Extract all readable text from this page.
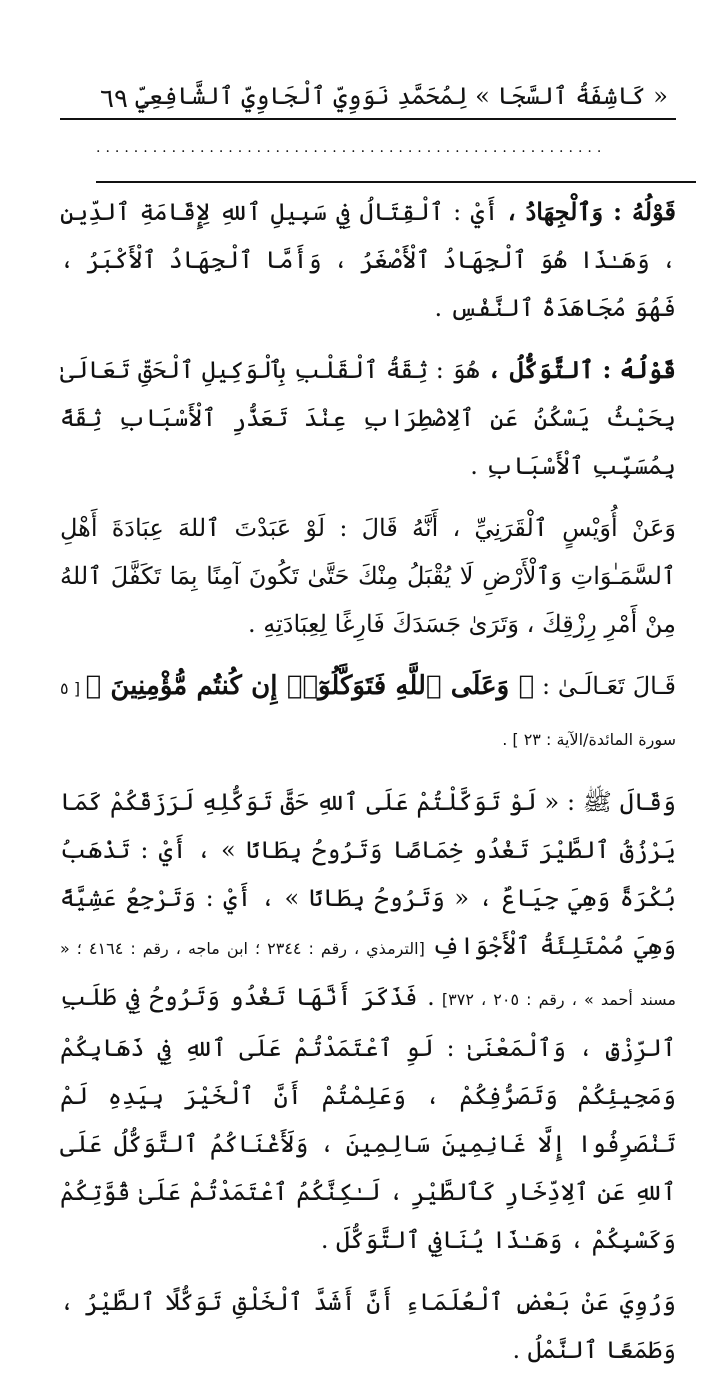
٦٩ « كَاشِفَةُ ٱلسَّجَا » لِمُحَمَّدِ نَوَوِيِّ ٱلْجَاوِيِّ ٱلشَّافِعِيِّ
......................................................

قَوْلُهُ : وَٱلْجِهَادُ ، أَيْ : ٱلْقِتَالُ فِي سَبِيلِ ٱللهِ لِإِقَامَةِ ٱلدِّينِ ، وَهَـٰذَا هُوَ ٱلْجِهَادُ ٱلْأَصْغَرُ ، وَأَمَّا ٱلْجِهَادُ ٱلْأَكْبَرُ ، فَهُوَ مُجَاهَدَةُ ٱلنَّفْسِ .

قَوْلُهُ : ٱلتَّوَكُّلُ ، هُوَ : ثِقَةُ ٱلْقَلْبِ بِٱلْوَكِيلِ ٱلْحَقِّ تَعَالَىٰ بِحَيْثُ يَسْكُنُ عَنِ ٱلِاضْطِرَابِ عِنْدَ تَعَذُّرِ ٱلْأَسْبَابِ ثِقَةً بِمُسَبِّبِ ٱلْأَسْبَابِ .

وَعَنْ أُوَيْسٍ ٱلْقَرَنِيِّ ، أَنَّهُ قَالَ : لَوْ عَبَدْتَ ٱللهَ عِبَادَةَ أَهْلِ ٱلسَّمَـٰوَاتِ وَٱلْأَرْضِ لَا يُقْبَلُ مِنْكَ حَتَّىٰ تَكُونَ آمِنًا بِمَا تَكَفَّلَ ٱللهُ مِنْ أَمْرِ رِزْقِكَ ، وَتَرَىٰ جَسَدَكَ فَارِغًا لِعِبَادَتِهِ .

قَـالَ تَعَـالَـىٰ : ﴿ وَعَلَى ٱللَّهِ فَتَوَكَّلُوٓا۟ إِن كُنتُم مُّؤْمِنِينَ ﴾ [ ٥ سورة المائدة/الآية : ٢٣ ] .

وَقَالَ ﷺ : « لَوْ تَوَكَّلْتُمْ عَلَى ٱللهِ حَقَّ تَوَكُّلِهِ لَرَزَقَكُمْ كَمَا يَرْزُقُ ٱلطَّيْرَ تَغْدُو خِمَاصًا وَتَرُوحُ بِطَانًا » ، أَيْ : تَذْهَبُ بُكْرَةً وَهِيَ جِيَاعٌ ، « وَتَرُوحُ بِطَانًا » ، أَيْ : وَتَرْجِعُ عَشِيَّةً وَهِيَ مُمْتَلِئَةُ ٱلْأَجْوَافِ [الترمذي ، رقم : ٢٣٤٤ ؛ ابن ماجه ، رقم : ٤١٦٤ ؛ « مسند أحمد » ، رقم : ٢٠٥ ، ٣٧٢] . فَذَكَرَ أَنَّهَا تَغْدُو وَتَرُوحُ فِي طَلَبِ ٱلرِّزْقِ ، وَٱلْمَعْنَىٰ : لَوِ ٱعْتَمَدْتُمْ عَلَى ٱللهِ فِي ذَهَابِكُمْ وَمَجِيئِكُمْ وَتَصَرُّفِكُمْ ، وَعَلِمْتُمْ أَنَّ ٱلْخَيْرَ بِيَدِهِ لَمْ تَنْصَرِفُوا إِلَّا غَانِمِينَ سَالِمِينَ ، وَلَأَغْنَاكُمُ ٱلتَّوَكُّلُ عَلَى ٱللهِ عَنِ ٱلِادِّخَارِ كَٱلطَّيْرِ ، لَـٰكِنَّكُمُ ٱعْتَمَدْتُمْ عَلَىٰ قُوَّتِكُمْ وَكَسْبِكُمْ ، وَهَـٰذَا يُنَافِي ٱلتَّوَكُّلَ .

وَرُوِيَ عَنْ بَعْضِ ٱلْعُلَمَاءِ أَنَّ أَشَدَّ ٱلْخَلْقِ تَوَكُّلًا ٱلطَّيْرُ ، وَطَمَعًا ٱلنَّمْلُ .
